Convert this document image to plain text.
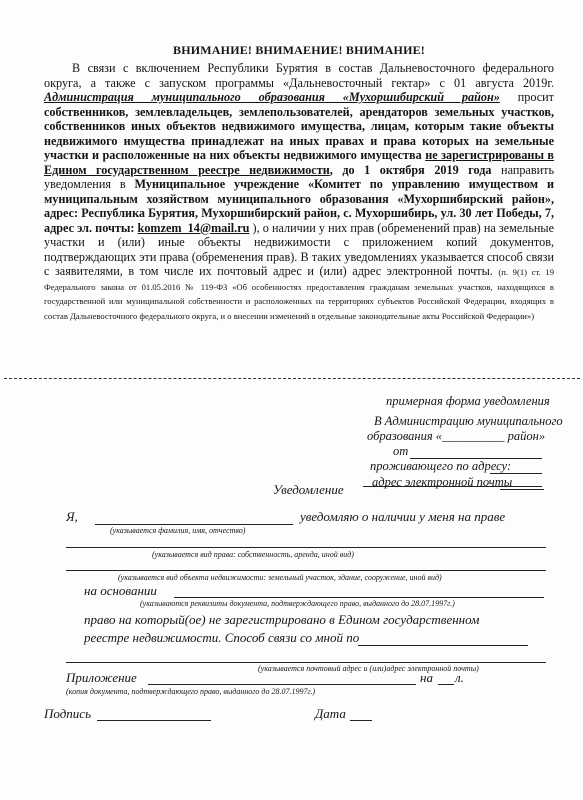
ВНИМАНИЕ! ВНИМАЕНИЕ! ВНИМАНИЕ!

В связи с включением Республики Бурятия в состав Дальневосточного федерального округа, а также с запуском программы «Дальневосточный гектар» с 01 августа 2019г. Администрация муниципального образования «Мухоршибирский район» просит собственников, землевладельцев, землепользователей, арендаторов земельных участков, собственников иных объектов недвижимого имущества, лицам, которым такие объекты недвижимого имущества принадлежат на иных правах и права которых на земельные участки и расположенные на них объекты недвижимого имущества не зарегистрированы в Едином государственном реестре недвижимости, до 1 октября 2019 года направить уведомления в Муниципальное учреждение «Комитет по управлению имуществом и муниципальным хозяйством муниципального образования «Мухоршибирский район», адрес: Республика Бурятия, Мухоршибирский район, с. Мухоршибирь, ул. 30 лет Победы, 7, адрес эл. почты: komzem_14@mail.ru ), о наличии у них прав (обременений прав) на земельные участки и (или) иные объекты недвижимости с приложением копий документов, подтверждающих эти права (обременения прав). В таких уведомлениях указывается способ связи с заявителями, в том числе их почтовый адрес и (или) адрес электронной почты. (п. 9(1) ст. 19 Федерального закона от 01.05.2016 № 119-ФЗ «Об особенностях предоставления гражданам земельных участков, находящихся в государственной или муниципальной собственности и расположенных на территориях субъектов Российской Федерации, входящих в состав Дальневосточного федерального округа, и о внесении изменений в отдельные законодательные акты Российской Федерации»)

примерная форма уведомления
В Администрацию муниципального
образования «__________ район»
от
проживающего по адресу:
адрес электронной почты
Уведомление
Я,	уведомляю о наличии у меня на праве
(указывается фамилия, имя, отчество)
(указывается вид права: собственность, аренда, иной вид)
(указывается вид объекта недвижимости: земельный участок, здание, сооружение, иной вид)
на основании
(указываются реквизиты документа, подтверждающего право, выданного до 28.07.1997г.)
право на который(ое) не зарегистрировано в Едином государственном
реестре недвижимости. Способ связи со мной по
(указывается почтовый адрес и (или)адрес электронной почты)
Приложение	на л.
(копия документа, подтверждающего право, выданного до 28.07.1997г.)
Подпись	Дата
